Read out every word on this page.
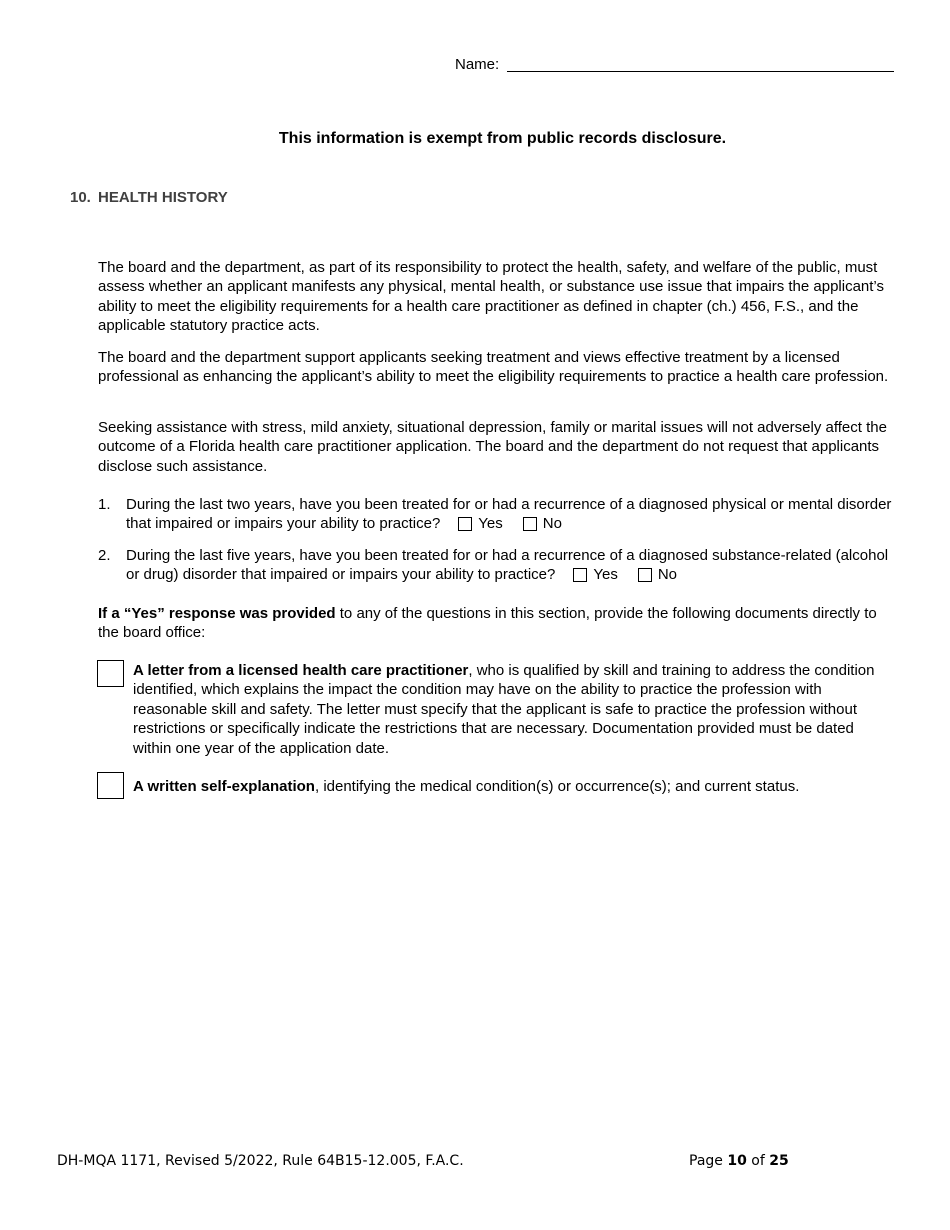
Name:
This information is exempt from public records disclosure.
10. HEALTH HISTORY

The board and the department, as part of its responsibility to protect the health, safety, and welfare of the public, must assess whether an applicant manifests any physical, mental health, or substance use issue that impairs the applicant’s ability to meet the eligibility requirements for a health care practitioner as defined in chapter (ch.) 456, F.S., and the applicable statutory practice acts.

The board and the department support applicants seeking treatment and views effective treatment by a licensed professional as enhancing the applicant’s ability to meet the eligibility requirements to practice a health care profession.

Seeking assistance with stress, mild anxiety, situational depression, family or marital issues will not adversely affect the outcome of a Florida health care practitioner application. The board and the department do not request that applicants disclose such assistance.

1. During the last two years, have you been treated for or had a recurrence of a diagnosed physical or mental disorder that impaired or impairs your ability to practice?	Yes	No
2. During the last five years, have you been treated for or had a recurrence of a diagnosed substance-related (alcohol or drug) disorder that impaired or impairs your ability to practice?	Yes	No

If a “Yes” response was provided to any of the questions in this section, provide the following documents directly to the board office:

A letter from a licensed health care practitioner, who is qualified by skill and training to address the condition identified, which explains the impact the condition may have on the ability to practice the profession with reasonable skill and safety. The letter must specify that the applicant is safe to practice the profession without restrictions or specifically indicate the restrictions that are necessary. Documentation provided must be dated within one year of the application date.
A written self-explanation, identifying the medical condition(s) or occurrence(s); and current status.
DH-MQA 1171, Revised 5/2022, Rule 64B15-12.005, F.A.C.	Page 10 of 25
